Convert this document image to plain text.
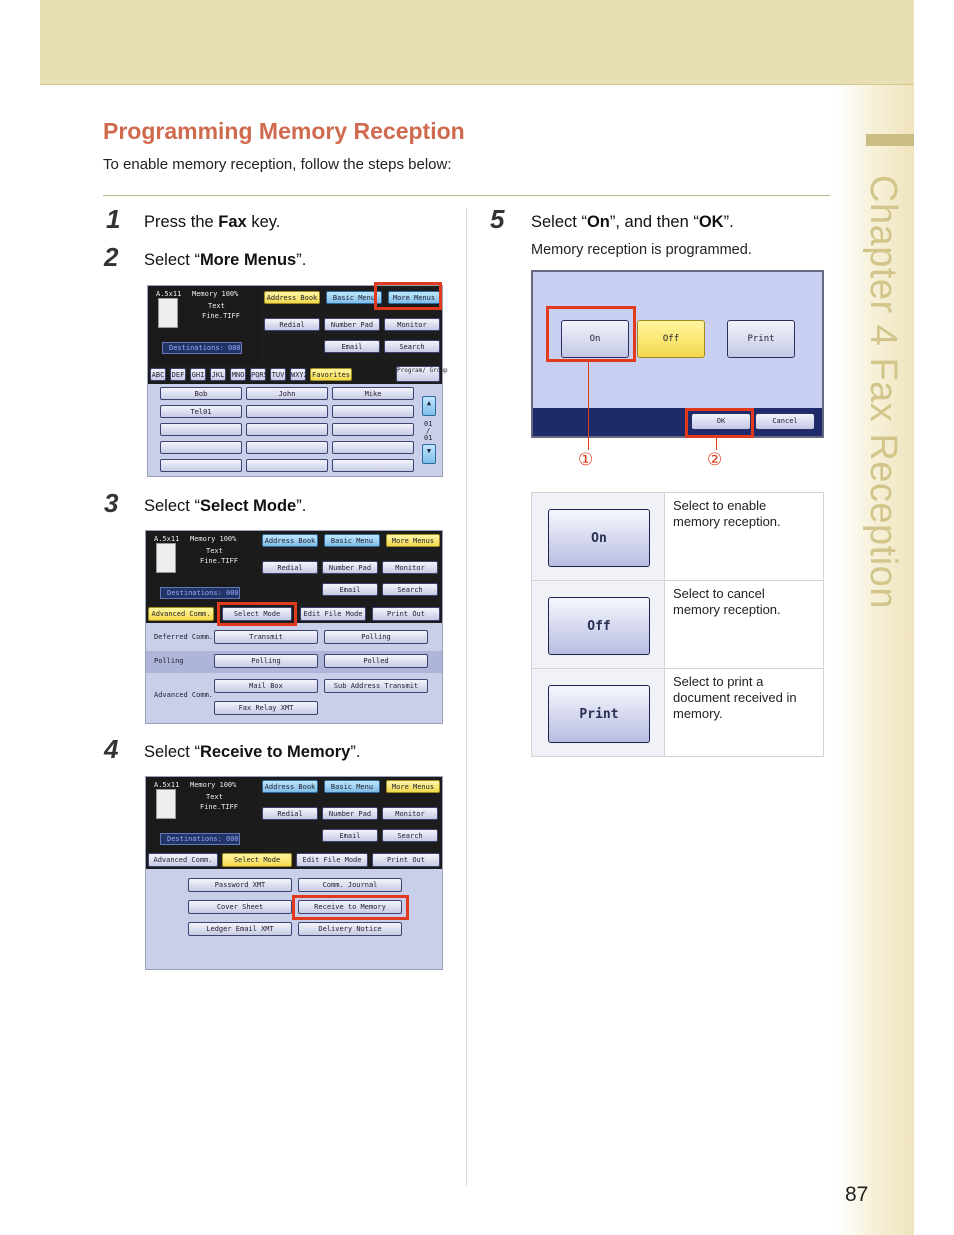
Chapter 4 Fax Reception
Programming Memory Reception
To enable memory reception, follow the steps below:
1 Press the Fax key.
2 Select “More Menus”.
A.5x11 Memory 100%
Text
Fine.TIFF
Destinations: 000
Address Book	Basic Menu	More Menus
Redial	Number Pad	Monitor
Email	Search
ABC DEF GHI JKL MNO PQRS TUV WXYZ Favorites
Program/ Group
Bob	John	Mike
Tel01
▲
01
/
01
▼
3 Select “Select Mode”.
A.5x11 Memory 100%
Text
Fine.TIFF
Destinations: 000
Address Book	Basic Menu	More Menus
Redial	Number Pad	Monitor
Email	Search
Advanced Comm.	Select Mode	Edit File Mode	Print Out
Deferred Comm.	Transmit	Polling
Polling	Polling	Polled
Advanced Comm.
Mail Box	Sub Address Transmit
Fax Relay XMT
4 Select “Receive to Memory”.
A.5x11 Memory 100%
Text
Fine.TIFF
Destinations: 000
Address Book	Basic Menu	More Menus
Redial	Number Pad	Monitor
Email	Search
Advanced Comm.	Select Mode	Edit File Mode	Print Out
Password XMT	Comm. Journal
Cover Sheet	Receive to Memory
Ledger Email XMT	Delivery Notice
5 Select “On”, and then “OK”.
Memory reception is programmed.
On	Off	Print
OK	Cancel
①	②
On	Select to enable memory reception.

Off	Select to cancel memory reception.

Print	Select to print a document received in memory.
87
